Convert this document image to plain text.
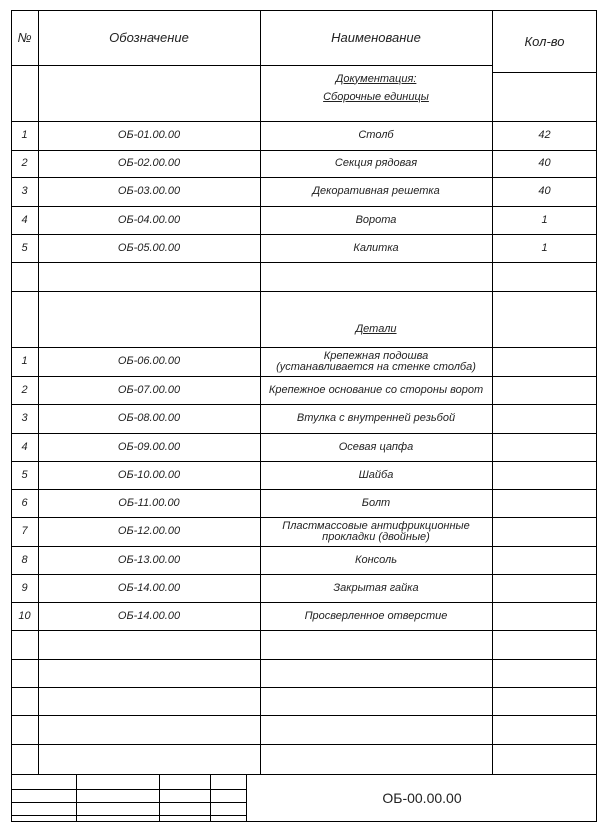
№	Обозначение	Наименование	Кол-во
Документация:
Сборочные единицы
Детали
1	ОБ-01.00.00	Столб	42
2	ОБ-02.00.00	Секция рядовая	40
3	ОБ-03.00.00	Декоративная решетка	40
4	ОБ-04.00.00	Ворота	1
5	ОБ-05.00.00	Калитка	1
1	ОБ-06.00.00	Крепежная подошва
(устанавливается на стенке столба)
2	ОБ-07.00.00	Крепежное основание со стороны ворот
3	ОБ-08.00.00	Втулка с внутренней резьбой
4	ОБ-09.00.00	Осевая цапфа
5	ОБ-10.00.00	Шайба
6	ОБ-11.00.00	Болт
7	ОБ-12.00.00	Пластмассовые антифрикционные
прокладки (двойные)
8	ОБ-13.00.00	Консоль
9	ОБ-14.00.00	Закрытая гайка
10	ОБ-14.00.00	Просверленное отверстие
ОБ-00.00.00
